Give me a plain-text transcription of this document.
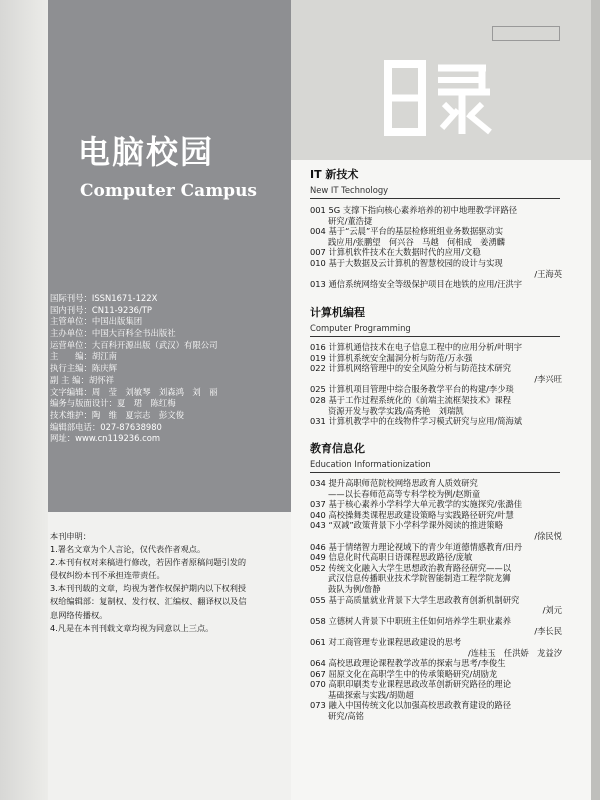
电脑校园
Computer Campus
国际刊号：ISSN1671-122X
国内刊号：CN11-9236/TP
主管单位：中国出版集团
主办单位：中国大百科全书出版社
运营单位：大百科开源出版（武汉）有限公司
主　　编：胡江南
执行主编：陈庆辉
副 主 编：胡怀祥
文字编辑：周　莹　刘敏琴　刘森鸿　刘　丽
编务与版面设计：夏　珺　陈红梅
技术维护：陶　维　夏宗志　彭文俊
编辑部电话：027-87638980
网址：www.cn119236.com
本刊申明：
1.署名文章为个人言论，仅代表作者观点。
2.本刊有权对来稿进行修改，若因作者原稿问题引发的
侵权纠纷本刊不承担连带责任。
3.本刊刊载的文章，均视为著作权保护期内以下权利授
权给编辑部：复制权、发行权、汇编权、翻译权以及信
息网络传播权。
4.凡是在本刊刊载文章均视为同意以上三点。
IT 新技术
New IT Technology
001 5G 支撑下指向核心素养培养的初中地理教学评路径
研究/董浩捷
004 基于“云晨”平台的基层检修班组业务数据驱动实
践应用/张鹏望　何兴谷　马越　何相成　姜湧麟
007 计算机软件技术在大数据时代的应用/文稳
010 基于大数据及云计算机的智慧校园的设计与实现
/王海英
013 通信系统网络安全等级保护项目在地铁的应用/汪洪宇
计算机编程
Computer Programming
016 计算机通信技术在电子信息工程中的应用分析/叶明宇
019 计算机系统安全漏洞分析与防范/万永强
022 计算机网络管理中的安全风险分析与防范技术研究
/李兴旺
025 计算机项目管理中综合服务教学平台的构建/李少琰
028 基于工作过程系统化的《前端主流框架技术》课程
资源开发与教学实践/高秀艳　刘瑞凯
031 计算机教学中的在线物件学习模式研究与应用/简海斌
教育信息化
Education Informationization
034 提升高职师范院校网络思政育人质效研究
——以长春师范高等专科学校为例/赵斯童
037 基于核心素养小学科学大单元教学的实施探究/张潞佳
040 高校操舞类课程思政建设策略与实践路径研究/叶慧
043 “双减”政策背景下小学科学课外阅读的推进策略
/徐民悦
046 基于情绪智力理论视域下的青少年道德情感教育/田丹
049 信息化时代高职日语课程思政路径/庞敏
052 传统文化融入大学生思想政治教育路径研究——以
武汉信息传播职业技术学院智能制造工程学院龙狮
鼓队为例/詹静
055 基于高质量就业背景下大学生思政教育创新机制研究
/刘元
058 立德树人背景下中职班主任如何培养学生职业素养
/李长民
061 对工商管理专业课程思政建设的思考
/连桂玉　任洪娇　龙益汐
064 高校思政理论课程教学改革的探索与思考/李俊生
067 屈原文化在高职学生中的传承策略研究/胡励龙
070 高职印刷类专业课程思政改革创新研究路径的理论
基础探索与实践/胡勋超
073 融入中国传统文化以加强高校思政教育建设的路径
研究/高铭
